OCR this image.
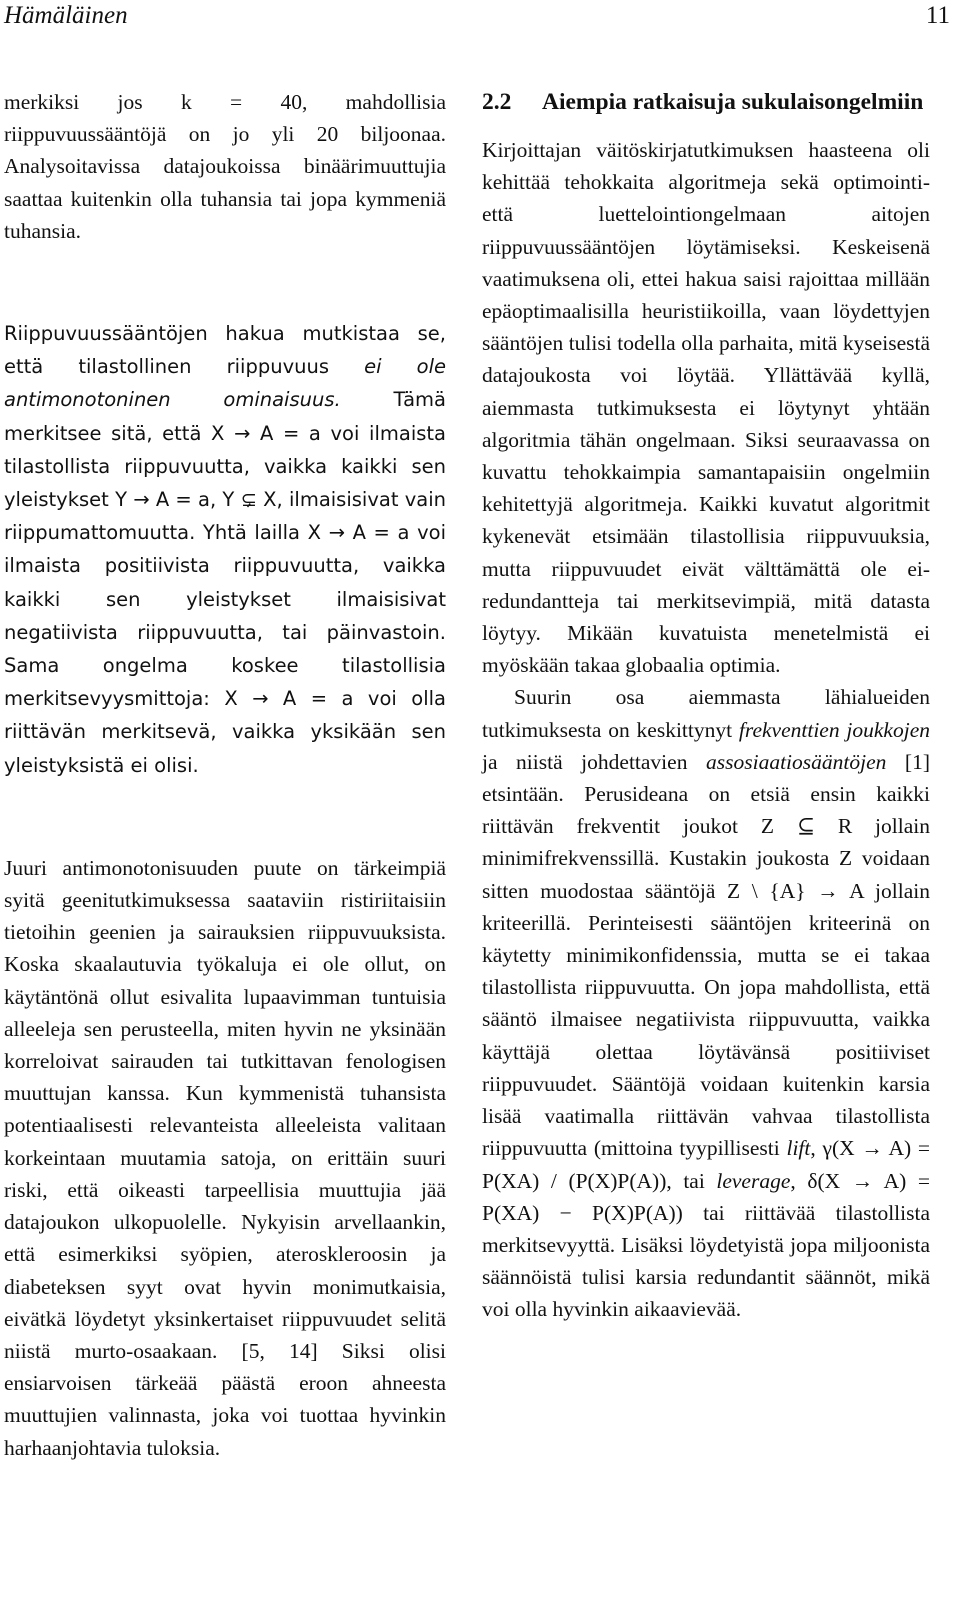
Hämäläinen	11

merkiksi jos k = 40, mahdollisia riippuvuussääntöjä on jo yli 20 biljoonaa. Analysoitavissa datajoukoissa binäärimuuttujia saattaa kuitenkin olla tuhansia tai jopa kymmeniä tuhansia.

Riippuvuussääntöjen hakua mutkistaa se, että tilastollinen riippuvuus ei ole antimonotoninen ominaisuus. Tämä merkitsee sitä, että X → A = a voi ilmaista tilastollista riippuvuutta, vaikka kaikki sen yleistykset Y → A = a, Y ⊊ X, ilmaisisivat vain riippumattomuutta. Yhtä lailla X → A = a voi ilmaista positiivista riippuvuutta, vaikka kaikki sen yleistykset ilmaisisivat negatiivista riippuvuutta, tai päinvastoin. Sama ongelma koskee tilastollisia merkitsevyysmittoja: X → A = a voi olla riittävän merkitsevä, vaikka yksikään sen yleistyksistä ei olisi.

Juuri antimonotonisuuden puute on tärkeimpiä syitä geenitutkimuksessa saataviin ristiriitaisiin tietoihin geenien ja sairauksien riippuvuuksista. Koska skaalautuvia työkaluja ei ole ollut, on käytäntönä ollut esivalita lupaavimman tuntuisia alleeleja sen perusteella, miten hyvin ne yksinään korreloivat sairauden tai tutkittavan fenologisen muuttujan kanssa. Kun kymmenistä tuhansista potentiaalisesti relevanteista alleeleista valitaan korkeintaan muutamia satoja, on erittäin suuri riski, että oikeasti tarpeellisia muuttujia jää datajoukon ulkopuolelle. Nykyisin arvellaankin, että esimerkiksi syöpien, ateroskleroosin ja diabeteksen syyt ovat hyvin monimutkaisia, eivätkä löydetyt yksinkertaiset riippuvuudet selitä niistä murto-osaakaan. [5, 14] Siksi olisi ensiarvoisen tärkeää päästä eroon ahneesta muuttujien valinnasta, joka voi tuottaa hyvinkin harhaanjohtavia tuloksia.

2.2	Aiempia ratkaisuja sukulaisongelmiin

Kirjoittajan väitöskirjatutkimuksen haasteena oli kehittää tehokkaita algoritmeja sekä optimointi- että luettelointiongelmaan aitojen riippuvuussääntöjen löytämiseksi. Keskeisenä vaatimuksena oli, ettei hakua saisi rajoittaa millään epäoptimaalisilla heuristiikoilla, vaan löydettyjen sääntöjen tulisi todella olla parhaita, mitä kyseisestä datajoukosta voi löytää. Yllättävää kyllä, aiemmasta tutkimuksesta ei löytynyt yhtään algoritmia tähän ongelmaan. Siksi seuraavassa on kuvattu tehokkaimpia samantapaisiin ongelmiin kehitettyjä algoritmeja. Kaikki kuvatut algoritmit kykenevät etsimään tilastollisia riippuvuuksia, mutta riippuvuudet eivät välttämättä ole ei-redundantteja tai merkitsevimpiä, mitä datasta löytyy. Mikään kuvatuista menetelmistä ei myöskään takaa globaalia optimia.

Suurin osa aiemmasta lähialueiden tutkimuksesta on keskittynyt frekventtien joukkojen ja niistä johdettavien assosiaatiosääntöjen [1] etsintään. Perusideana on etsiä ensin kaikki riittävän frekventit joukot Z ⊆ R jollain minimifrekvenssillä. Kustakin joukosta Z voidaan sitten muodostaa sääntöjä Z \ {A} → A jollain kriteerillä. Perinteisesti sääntöjen kriteerinä on käytetty minimikonfidenssia, mutta se ei takaa tilastollista riippuvuutta. On jopa mahdollista, että sääntö ilmaisee negatiivista riippuvuutta, vaikka käyttäjä olettaa löytävänsä positiiviset riippuvuudet. Sääntöjä voidaan kuitenkin karsia lisää vaatimalla riittävän vahvaa tilastollista riippuvuutta (mittoina tyypillisesti lift, γ(X → A) = P(XA) / (P(X)P(A)), tai leverage, δ(X → A) = P(XA) − P(X)P(A)) tai riittävää tilastollista merkitsevyyttä. Lisäksi löydetyistä jopa miljoonista säännöistä tulisi karsia redundantit säännöt, mikä voi olla hyvinkin aikaavievää.
